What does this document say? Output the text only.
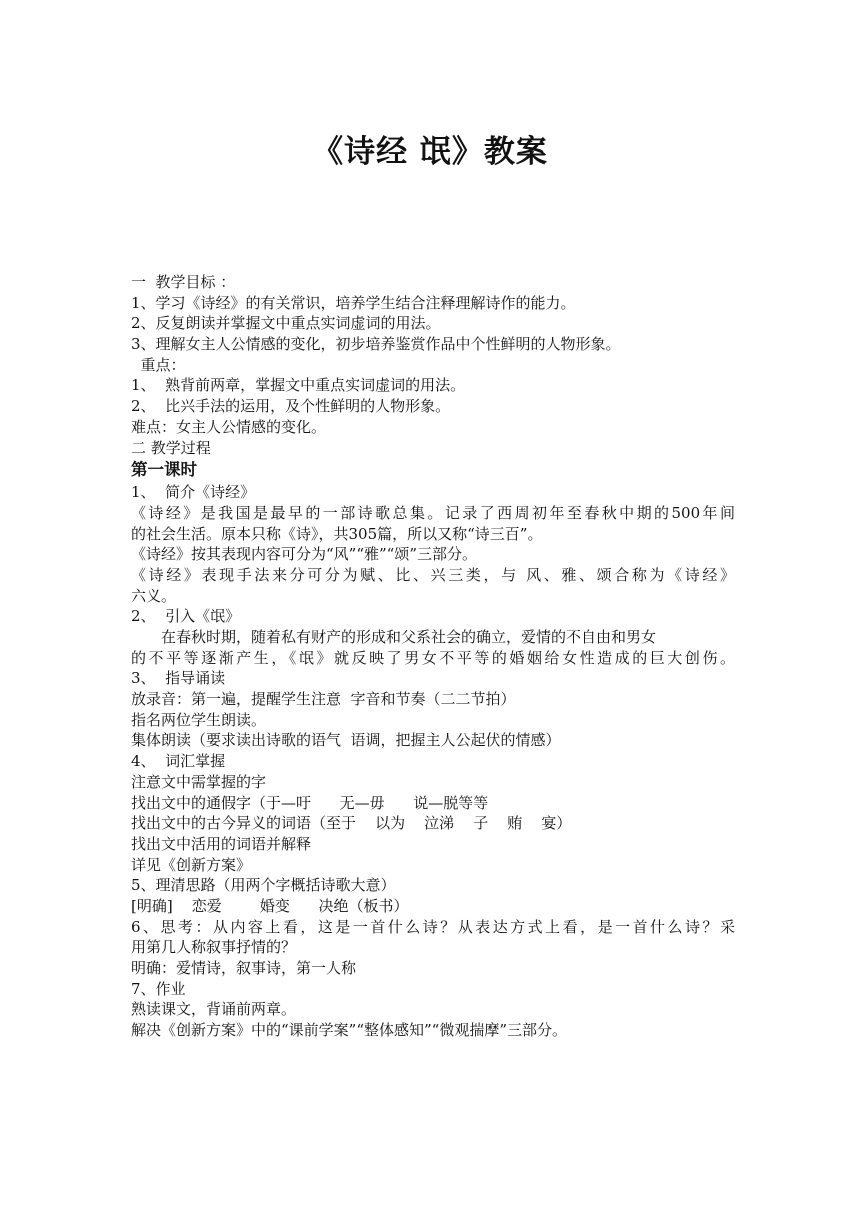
《诗经 氓》教案
一  教学目标 ：
1、学习《诗经》的有关常识，培养学生结合注释理解诗作的能力。
2、反复朗读并掌握文中重点实词虚词的用法。
3、理解女主人公情感的变化，初步培养鉴赏作品中个性鲜明的人物形象。
重点：
1、  熟背前两章，掌握文中重点实词虚词的用法。
2、  比兴手法的运用，及个性鲜明的人物形象。
难点：女主人公情感的变化。
二 教学过程
第一课时
1、  简介《诗经》
《诗经》是我国是最早的一部诗歌总集。记录了西周初年至春秋中期的500年间
的社会生活。原本只称《诗》，共305篇，所以又称“诗三百”。
《诗经》按其表现内容可分为“风”“雅”“颂”三部分。
《诗经》表现手法来分可分为赋、比、兴三类，与 风、雅、颂合称为《诗经》
六义。
2、  引入《氓》
在春秋时期，随着私有财产的形成和父系社会的确立，爱情的不自由和男女
的不平等逐渐产生，《氓》就反映了男女不平等的婚姻给女性造成的巨大创伤。
3、  指导诵读
放录音：第一遍，提醒学生注意  字音和节奏（二二节拍）
指名两位学生朗读。
集体朗读（要求读出诗歌的语气  语调，把握主人公起伏的情感）
4、  词汇掌握
注意文中需掌握的字
找出文中的通假字（于—吁      无—毋      说—脱等等
找出文中的古今异义的词语（至于    以为    泣涕    子    贿    宴）
找出文中活用的词语并解释
详见《创新方案》
5、理清思路（用两个字概括诗歌大意）
[明确]    恋爱        婚变      决绝（板书）
6、思考：从内容上看，这是一首什么诗？从表达方式上看，是一首什么诗？采
用第几人称叙事抒情的？
明确：爱情诗，叙事诗，第一人称
7、作业
熟读课文，背诵前两章。
解决《创新方案》中的“课前学案”“整体感知”“微观揣摩”三部分。
